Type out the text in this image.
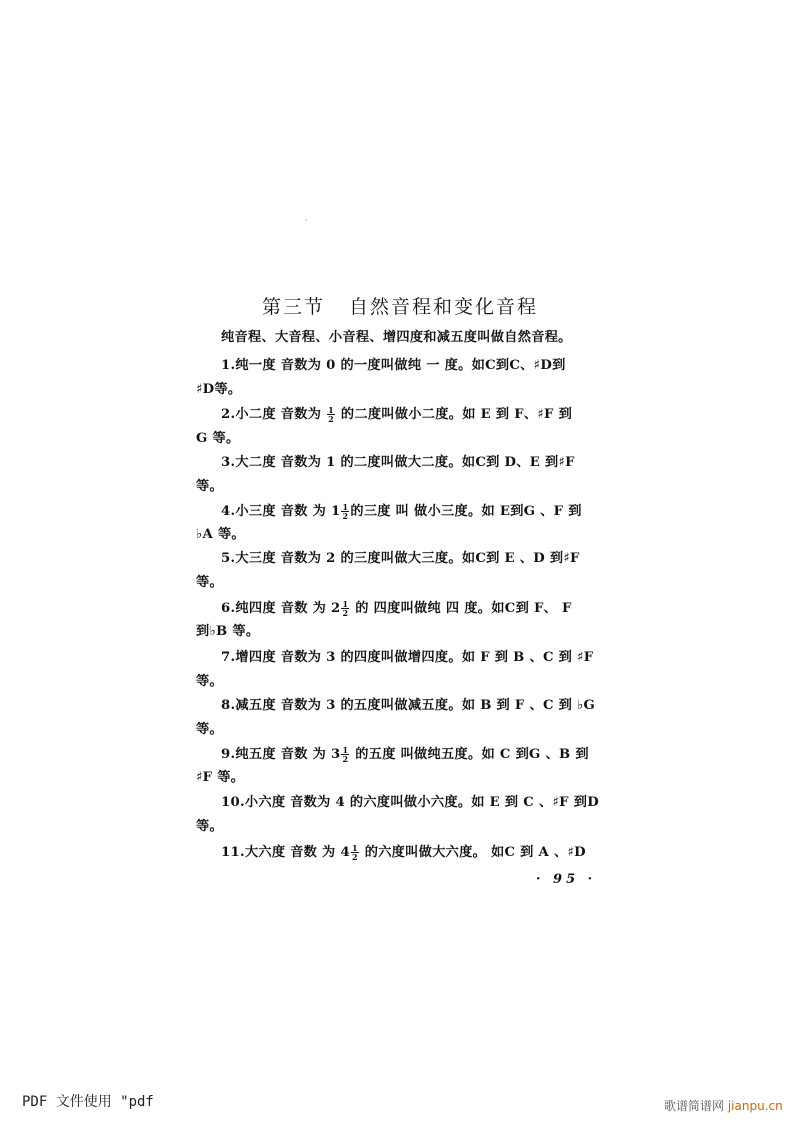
第三节   自然音程和变化音程
纯音程、大音程、小音程、增四度和减五度叫做自然音程。
1.纯一度 音数为 0 的一度叫做纯 一 度。如C到C、♯D到
♯D等。
2.小二度 音数为 $\frac{1}{2}$ 的二度叫做小二度。如 E 到 F、♯F 到
G 等。
3.大二度 音数为 1 的二度叫做大二度。如C到 D、E 到♯F
等。
4.小三度 音数 为 $1 \frac{1}{2}$ 的三度 叫 做小三度。如 E到G 、F 到
♭A 等。
5.大三度 音数为 2 的三度叫做大三度。如C到 E 、D 到♯F
等。
6.纯四度 音数 为 $2 \frac{1}{2}$ 的 四度叫做纯 四 度。如C到 F、 F
到♭B 等。
7.增四度 音数为 3 的四度叫做增四度。如 F 到 B 、C 到 ♯F
等。
8.减五度 音数为 3 的五度叫做减五度。如 B 到 F 、C 到 ♭G
等。
9.纯五度 音数 为 $3 \frac{1}{2}$ 的五度 叫做纯五度。如 C 到G 、B 到
♯F 等。
10.小六度 音数为 4 的六度叫做小六度。如 E 到 C 、♯F 到D
等。
11.大六度 音数 为 $4 \frac{1}{2}$ 的六度叫做大六度。 如C 到 A 、♯D
· 95 ·
PDF 文件使用 "pdf	歌谱简谱网 jianpu.cn
